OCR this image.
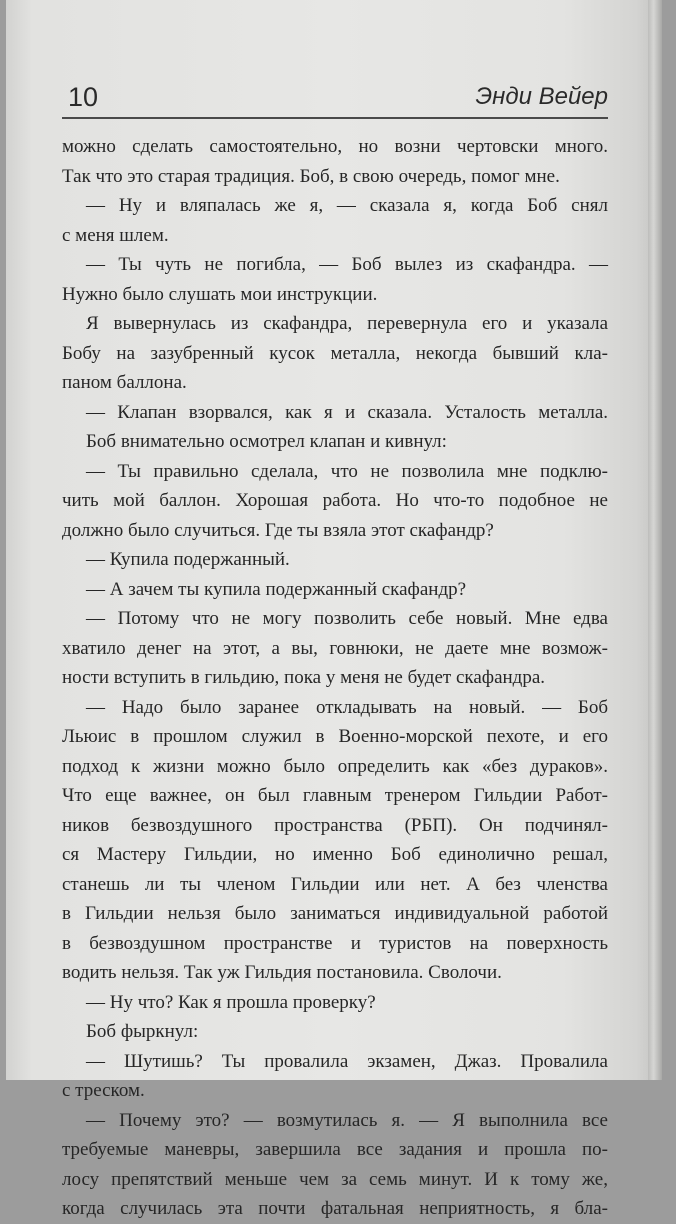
10	Энди Вейер
можно сделать самостоятельно, но возни чертовски много.
Так что это старая традиция. Боб, в свою очередь, помог мне.
— Ну и вляпалась же я, — сказала я, когда Боб снял
с меня шлем.
— Ты чуть не погибла, — Боб вылез из скафандра. —
Нужно было слушать мои инструкции.
Я вывернулась из скафандра, перевернула его и указала
Бобу на зазубренный кусок металла, некогда бывший кла-
паном баллона.
— Клапан взорвался, как я и сказала. Усталость металла.
Боб внимательно осмотрел клапан и кивнул:
— Ты правильно сделала, что не позволила мне подклю-
чить мой баллон. Хорошая работа. Но что-то подобное не
должно было случиться. Где ты взяла этот скафандр?
— Купила подержанный.
— А зачем ты купила подержанный скафандр?
— Потому что не могу позволить себе новый. Мне едва
хватило денег на этот, а вы, говнюки, не даете мне возмож-
ности вступить в гильдию, пока у меня не будет скафандра.
— Надо было заранее откладывать на новый. — Боб
Льюис в прошлом служил в Военно-морской пехоте, и его
подход к жизни можно было определить как «без дураков».
Что еще важнее, он был главным тренером Гильдии Работ-
ников безвоздушного пространства (РБП). Он подчинял-
ся Мастеру Гильдии, но именно Боб единолично решал,
станешь ли ты членом Гильдии или нет. А без членства
в Гильдии нельзя было заниматься индивидуальной работой
в безвоздушном пространстве и туристов на поверхность
водить нельзя. Так уж Гильдия постановила. Сволочи.
— Ну что? Как я прошла проверку?
Боб фыркнул:
— Шутишь? Ты провалила экзамен, Джаз. Провалила
с треском.
— Почему это? — возмутилась я. — Я выполнила все
требуемые маневры, завершила все задания и прошла по-
лосу препятствий меньше чем за семь минут. И к тому же,
когда случилась эта почти фатальная неприятность, я бла-
